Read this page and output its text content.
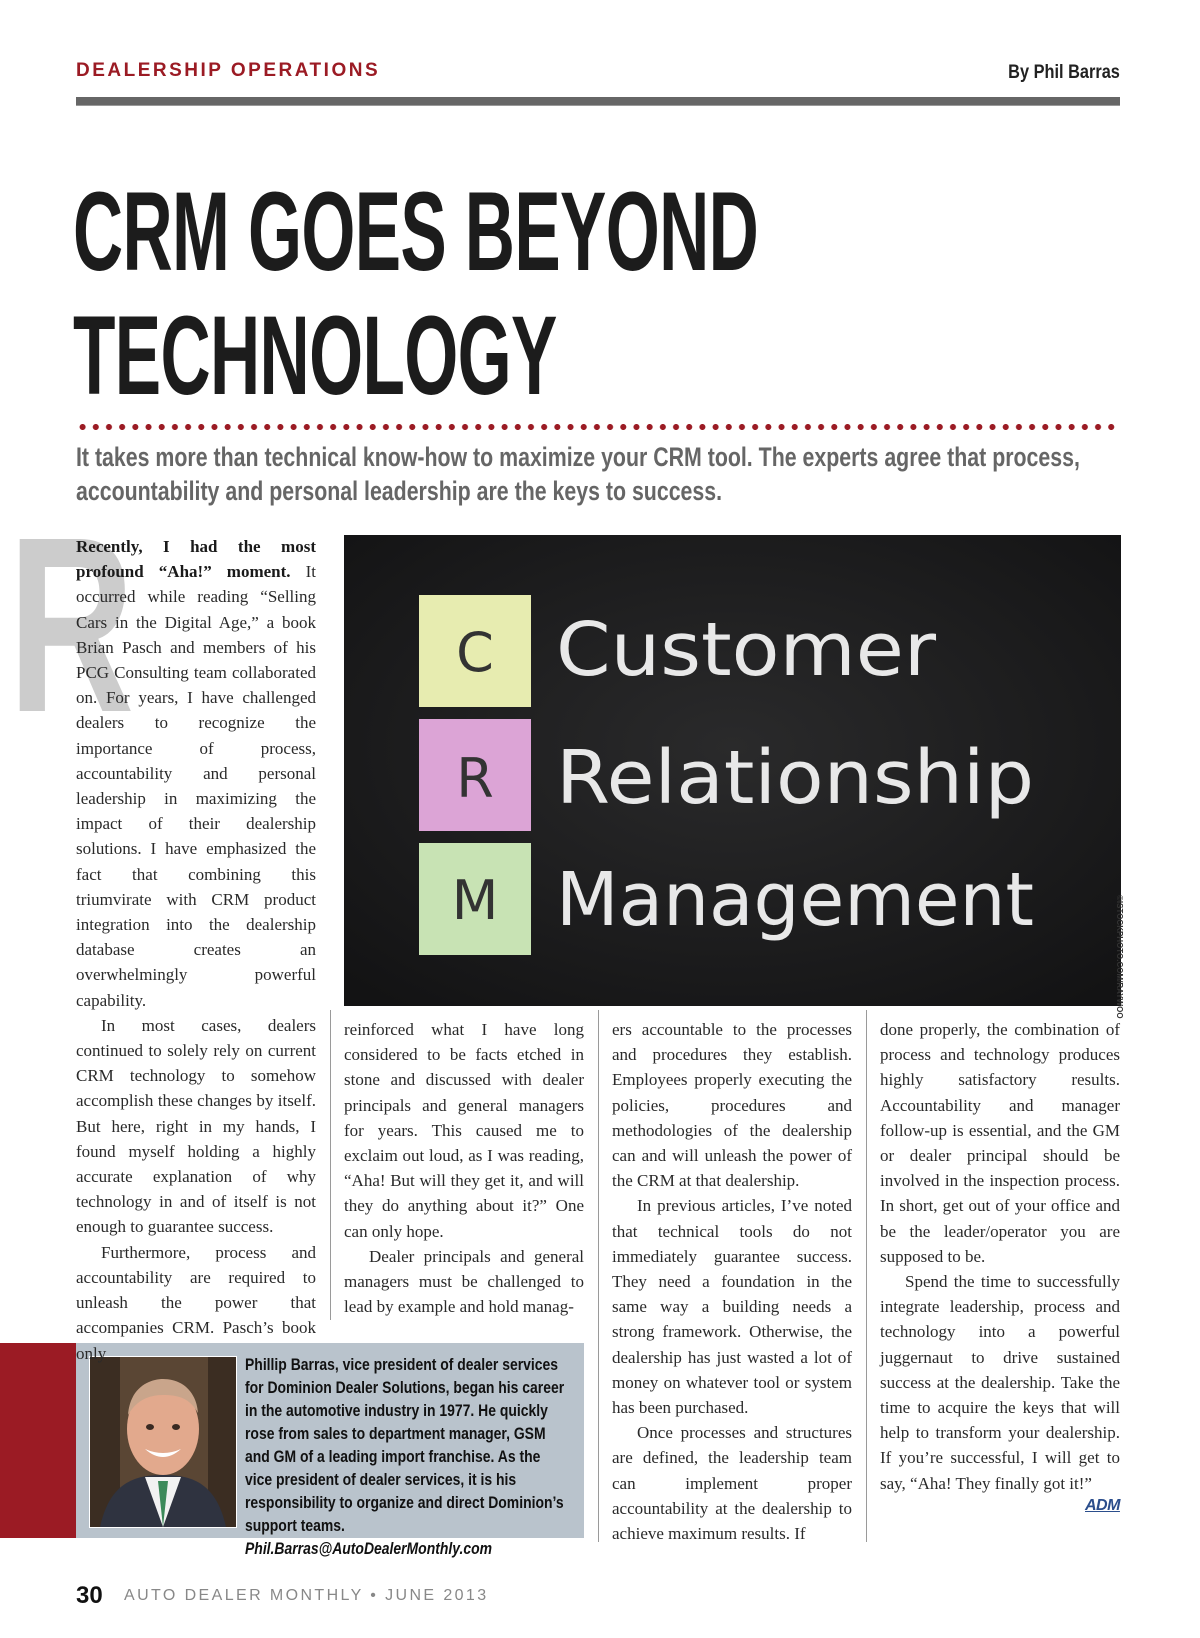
DEALERSHIP OPERATIONS	By Phil Barras
CRM GOES BEYOND
TECHNOLOGY
It takes more than technical know-how to maximize your CRM tool. The experts agree that process,
accountability and personal leadership are the keys to success.
R

Recently, I had the most profound “Aha!” moment. It occurred while reading “Selling Cars in the Digital Age,” a book Brian Pasch and members of his PCG Consulting team collaborated on. For years, I have challenged dealers to recognize the importance of process, accountability and personal leadership in maximizing the impact of their dealership solutions. I have emphasized the fact that combining this triumvirate with CRM product integration into the dealership database creates an overwhelmingly powerful capability.

In most cases, dealers continued to solely rely on current CRM technology to somehow accomplish these changes by itself. But here, right in my hands, I found myself holding a highly accurate explanation of why technology in and of itself is not enough to guarantee success.

Furthermore, process and accountability are required to unleash the power that accompanies CRM. Pasch’s book only

C
R
M
Customer
Relationship
Management	©ISTOCKPHOTO.COM/RAYWOO

reinforced what I have long considered to be facts etched in stone and discussed with dealer principals and general managers for years. This caused me to exclaim out loud, as I was reading, “Aha! But will they get it, and will they do anything about it?” One can only hope.

Dealer principals and general managers must be challenged to lead by example and hold manag-

ers accountable to the processes and procedures they establish. Employees properly executing the policies, procedures and methodologies of the dealership can and will unleash the power of the CRM at that dealership.

In previous articles, I’ve noted that technical tools do not immediately guarantee success. They need a foundation in the same way a building needs a strong framework. Otherwise, the dealership has just wasted a lot of money on whatever tool or system has been purchased.

Once processes and structures are defined, the leadership team can implement proper accountability at the dealership to achieve maximum results. If

done properly, the combination of process and technology produces highly satisfactory results. Accountability and manager follow-up is essential, and the GM or dealer principal should be involved in the inspection process. In short, get out of your office and be the leader/operator you are supposed to be.

Spend the time to successfully integrate leadership, process and technology into a powerful juggernaut to drive sustained success at the dealership. Take the time to acquire the keys that will help to transform your dealership. If you’re successful, I will get to say, “Aha! They finally got it!”

ADM
Phillip Barras, vice president of dealer services for Dominion Dealer Solutions, began his career in the automotive industry in 1977. He quickly rose from sales to department manager, GSM and GM of a leading import franchise. As the vice president of dealer services, it is his responsibility to organize and direct Dominion’s support teams.
Phil.Barras@AutoDealerMonthly.com
30 AUTO DEALER MONTHLY • JUNE 2013
